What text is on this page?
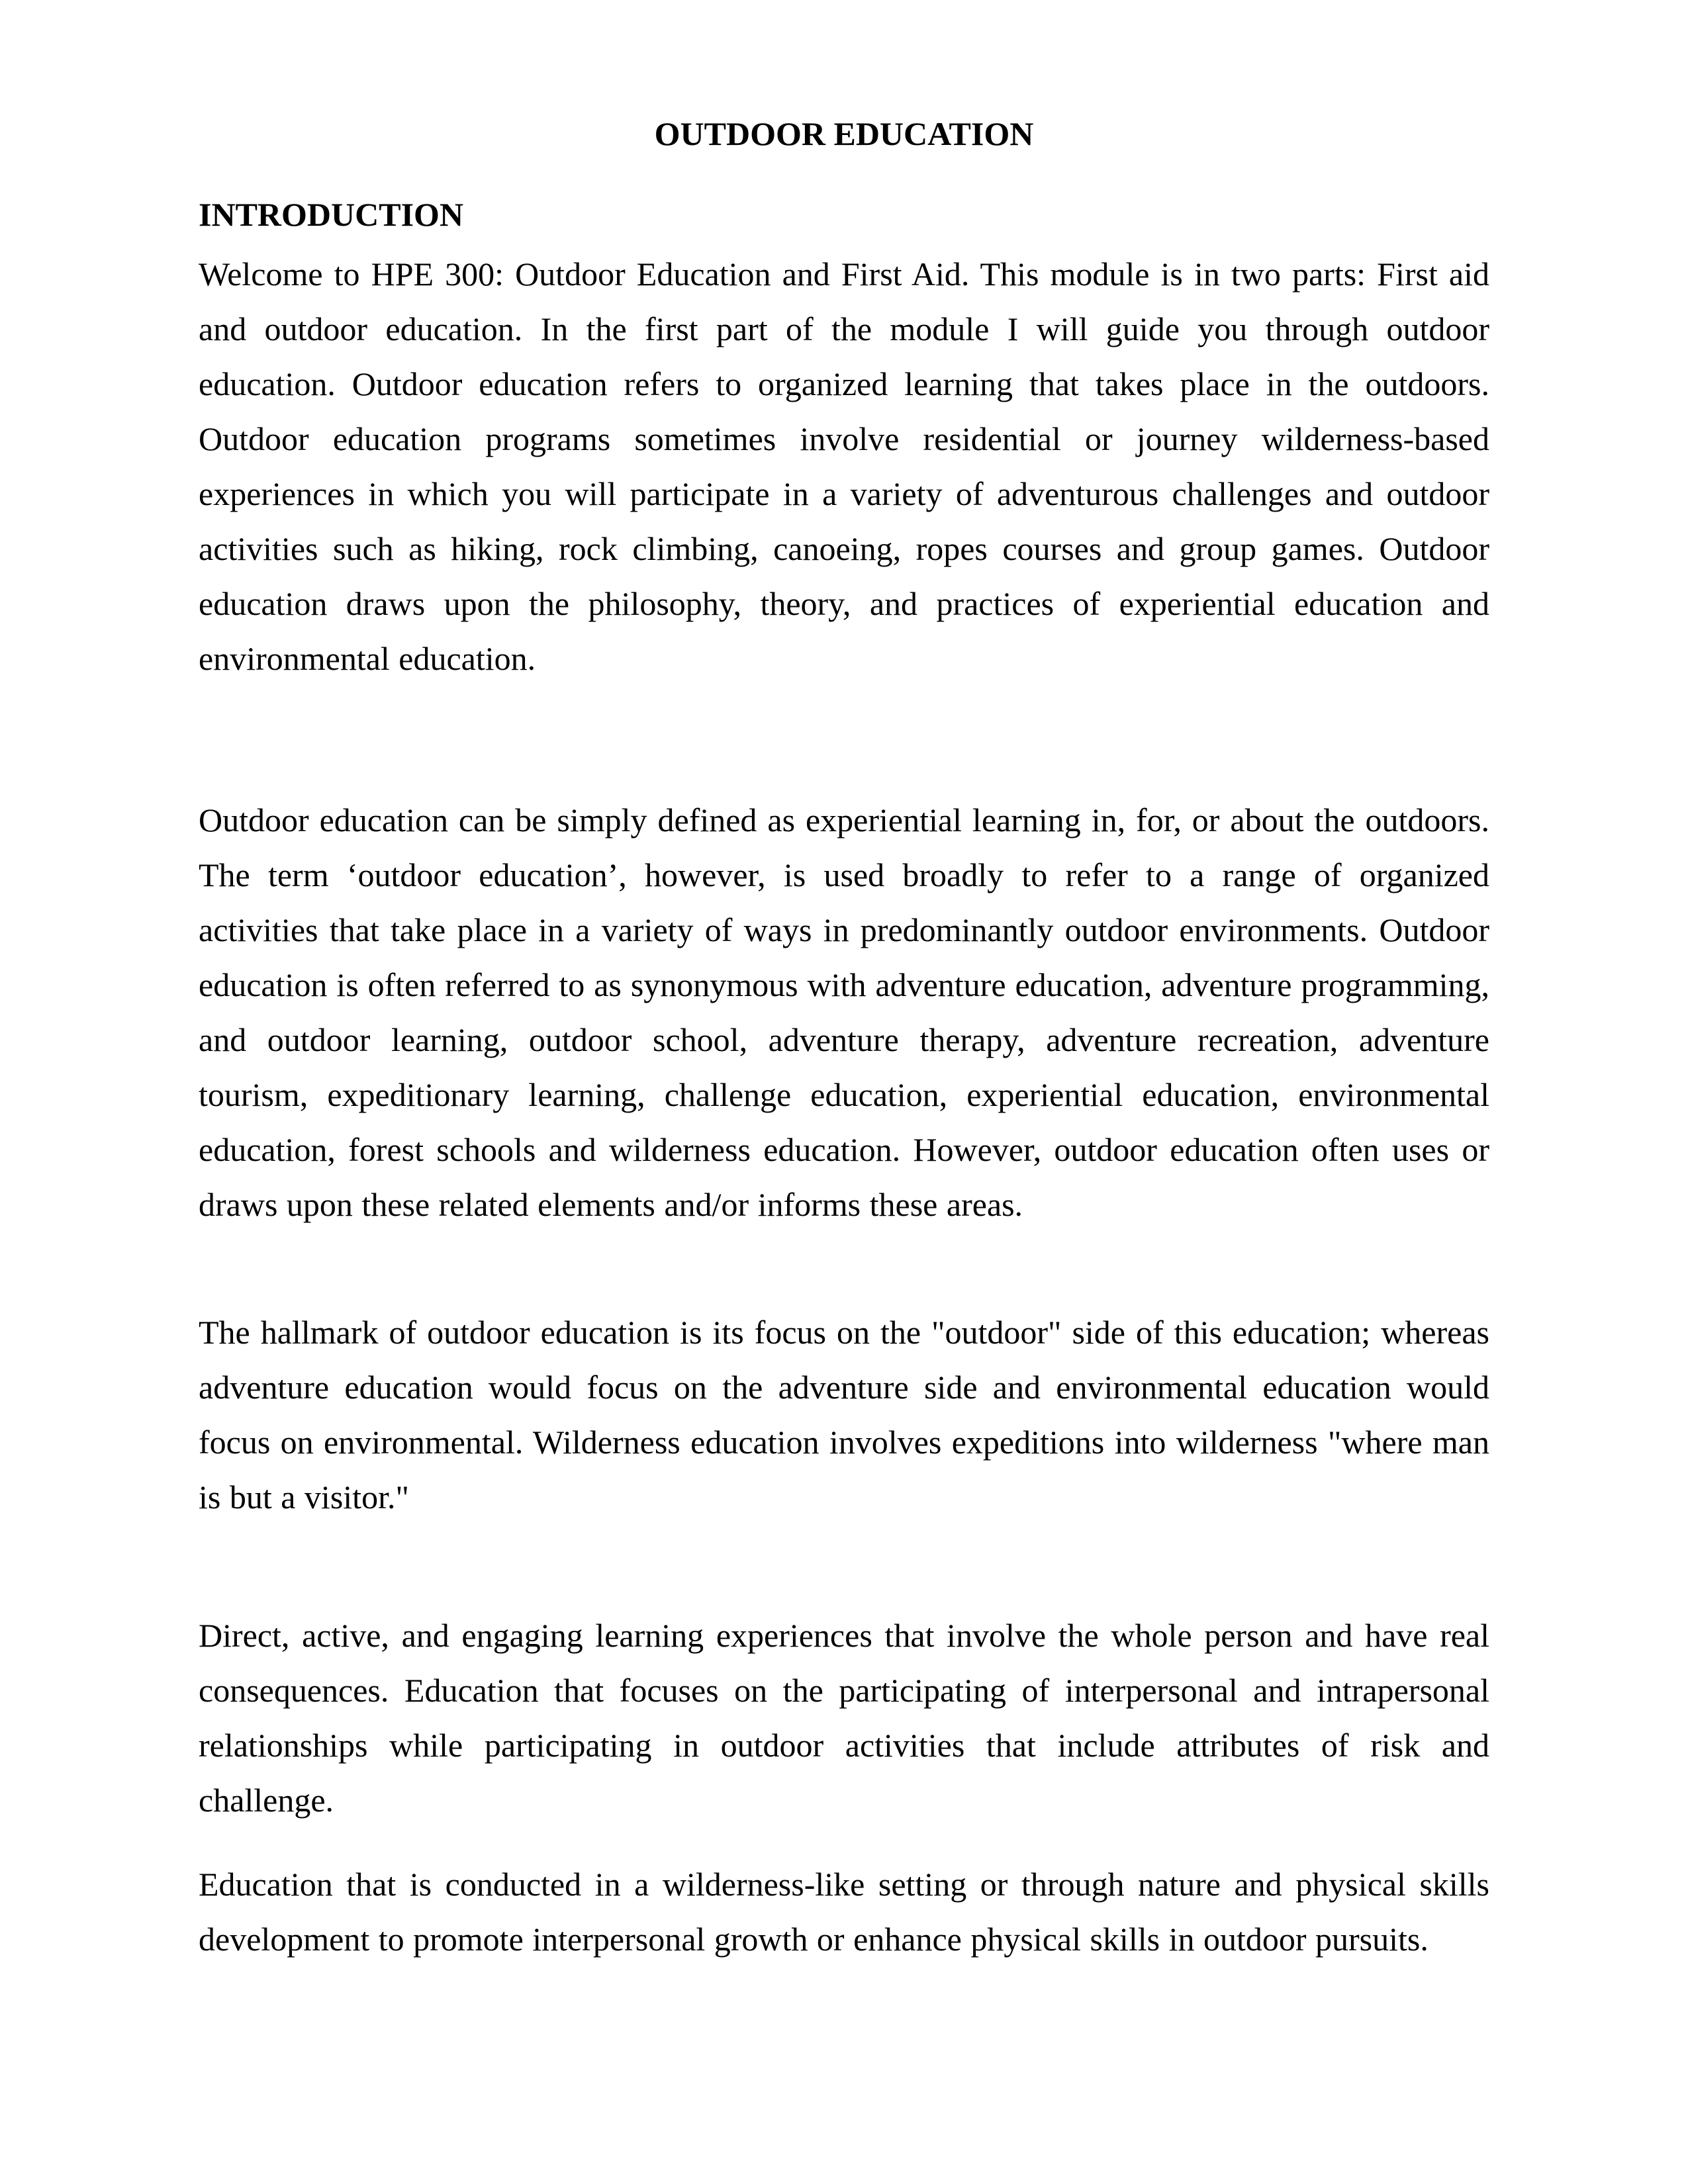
OUTDOOR EDUCATION
INTRODUCTION
Welcome to HPE 300: Outdoor Education and First Aid. This module is in two parts: First aid and outdoor education. In the first part of the module I will guide you through outdoor education. Outdoor education refers to organized learning that takes place in the outdoors. Outdoor education programs sometimes involve residential or journey wilderness-based experiences in which you will participate in a variety of adventurous challenges and outdoor activities such as hiking, rock climbing, canoeing, ropes courses and group games. Outdoor education draws upon the philosophy, theory, and practices of experiential education and environmental education.
Outdoor education can be simply defined as experiential learning in, for, or about the outdoors. The term ‘outdoor education’, however, is used broadly to refer to a range of organized activities that take place in a variety of ways in predominantly outdoor environments. Outdoor education is often referred to as synonymous with adventure education, adventure programming, and outdoor learning, outdoor school, adventure therapy, adventure recreation, adventure tourism, expeditionary learning, challenge education, experiential education, environmental education, forest schools and wilderness education. However, outdoor education often uses or draws upon these related elements and/or informs these areas.
The hallmark of outdoor education is its focus on the "outdoor" side of this education; whereas adventure education would focus on the adventure side and environmental education would focus on environmental. Wilderness education involves expeditions into wilderness "where man is but a visitor."
Direct, active, and engaging learning experiences that involve the whole person and have real consequences. Education that focuses on the participating of interpersonal and intrapersonal relationships while participating in outdoor activities that include attributes of risk and challenge.
Education that is conducted in a wilderness-like setting or through nature and physical skills development to promote interpersonal growth or enhance physical skills in outdoor pursuits.
